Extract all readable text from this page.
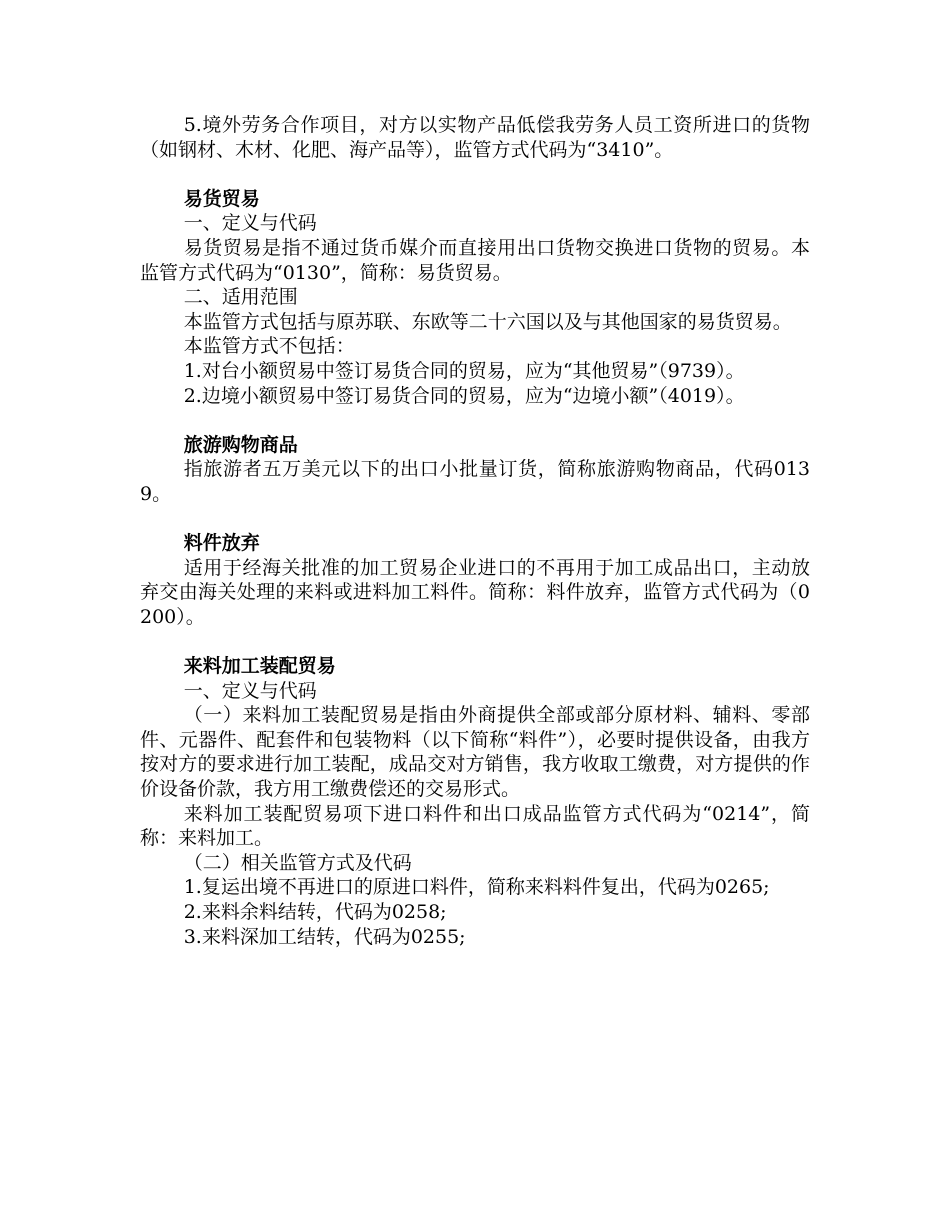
5.境外劳务合作项目，对方以实物产品低偿我劳务人员工资所进口的货物（如钢材、木材、化肥、海产品等），监管方式代码为“3410”。

易货贸易

一、定义与代码

易货贸易是指不通过货币媒介而直接用出口货物交换进口货物的贸易。本监管方式代码为“0130”，简称：易货贸易。

二、适用范围

本监管方式包括与原苏联、东欧等二十六国以及与其他国家的易货贸易。

本监管方式不包括：

1.对台小额贸易中签订易货合同的贸易，应为“其他贸易”（9739）。

2.边境小额贸易中签订易货合同的贸易，应为“边境小额”（4019）。

旅游购物商品

指旅游者五万美元以下的出口小批量订货，简称旅游购物商品，代码0139。

料件放弃

适用于经海关批准的加工贸易企业进口的不再用于加工成品出口，主动放弃交由海关处理的来料或进料加工料件。简称：料件放弃，监管方式代码为（0200）。

来料加工装配贸易

一、定义与代码

（一）来料加工装配贸易是指由外商提供全部或部分原材料、辅料、零部件、元器件、配套件和包装物料（以下简称“料件”），必要时提供设备，由我方按对方的要求进行加工装配，成品交对方销售，我方收取工缴费，对方提供的作价设备价款，我方用工缴费偿还的交易形式。

来料加工装配贸易项下进口料件和出口成品监管方式代码为“0214”，简称：来料加工。

（二）相关监管方式及代码

1.复运出境不再进口的原进口料件，简称来料料件复出，代码为0265;

2.来料余料结转，代码为0258;

3.来料深加工结转，代码为0255;
